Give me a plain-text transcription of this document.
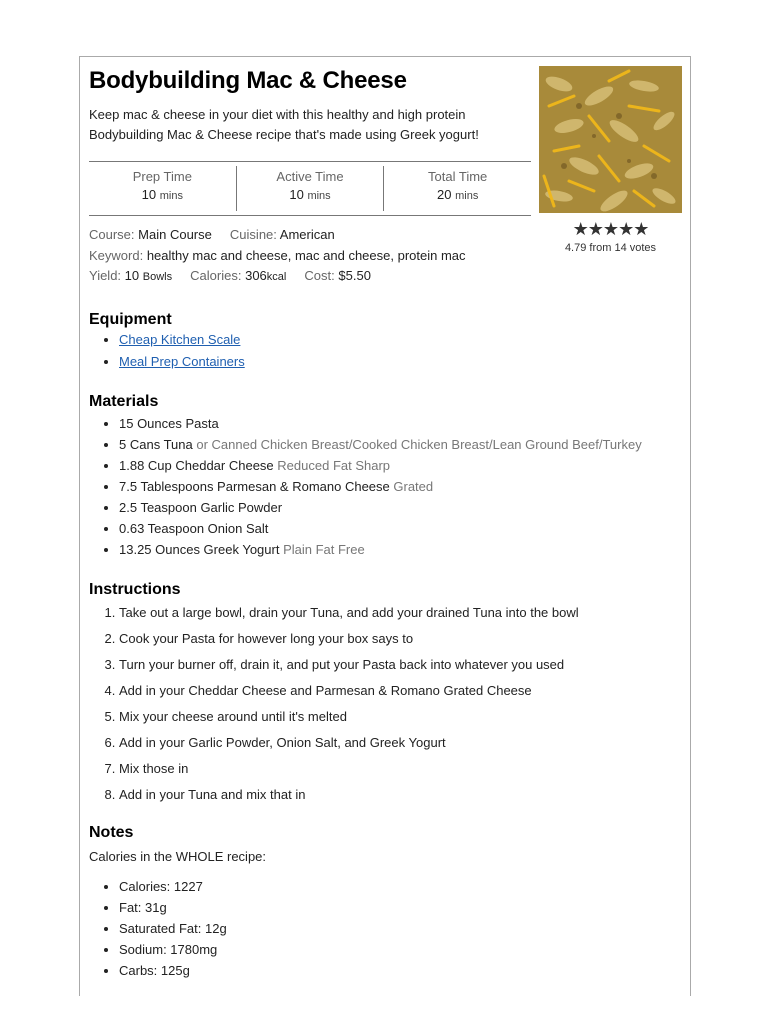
Bodybuilding Mac & Cheese
Keep mac & cheese in your diet with this healthy and high protein Bodybuilding Mac & Cheese recipe that's made using Greek yogurt!
★★★★★
4.79 from 14 votes
Prep Time
10 mins
Active Time
10 mins
Total Time
20 mins
Course: Main Course Cuisine: American
Keyword: healthy mac and cheese, mac and cheese, protein mac
Yield: 10 Bowls Calories: 306kcal Cost: $5.50
Equipment
• Cheap Kitchen Scale
• Meal Prep Containers
Materials
• 15 Ounces Pasta
• 5 Cans Tuna or Canned Chicken Breast/Cooked Chicken Breast/Lean Ground Beef/Turkey
• 1.88 Cup Cheddar Cheese Reduced Fat Sharp
• 7.5 Tablespoons Parmesan & Romano Cheese Grated
• 2.5 Teaspoon Garlic Powder
• 0.63 Teaspoon Onion Salt
• 13.25 Ounces Greek Yogurt Plain Fat Free
Instructions
1. Take out a large bowl, drain your Tuna, and add your drained Tuna into the bowl
2. Cook your Pasta for however long your box says to
3. Turn your burner off, drain it, and put your Pasta back into whatever you used
4. Add in your Cheddar Cheese and Parmesan & Romano Grated Cheese
5. Mix your cheese around until it's melted
6. Add in your Garlic Powder, Onion Salt, and Greek Yogurt
7. Mix those in
8. Add in your Tuna and mix that in
Notes
Calories in the WHOLE recipe:
• Calories: 1227
• Fat: 31g
• Saturated Fat: 12g
• Sodium: 1780mg
• Carbs: 125g
